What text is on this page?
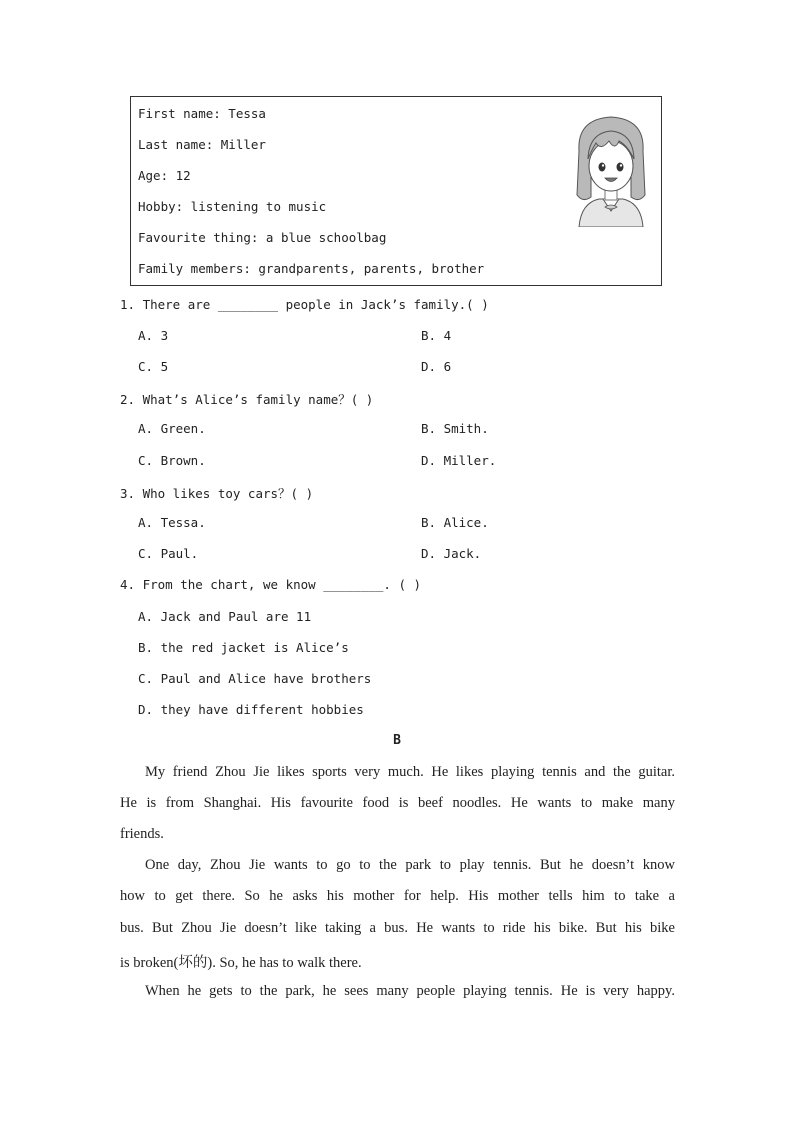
First name: Tessa
Last name: Miller
Age: 12
Hobby: listening to music
Favourite thing: a blue schoolbag
Family members: grandparents, parents, brother
1. There are ________ people in Jack’s family.( )
A. 3	B. 4
C. 5	D. 6
2. What’s Alice’s family name？( )
A. Green.	B. Smith.
C. Brown.	D. Miller.
3. Who likes toy cars？( )
A. Tessa.	B. Alice.
C. Paul.	D. Jack.
4. From the chart, we know ________. ( )
A. Jack and Paul are 11
B. the red jacket is Alice’s
C. Paul and Alice have brothers
D. they have different hobbies
B
My friend Zhou Jie likes sports very much. He likes playing tennis and the guitar.
He is from Shanghai. His favourite food is beef noodles. He wants to make many
friends.
One day, Zhou Jie wants to go to the park to play tennis. But he doesn’t know
how to get there. So he asks his mother for help. His mother tells him to take a
bus. But Zhou Jie doesn’t like taking a bus. He wants to ride his bike. But his bike
is broken(坏的). So, he has to walk there.
When he gets to the park, he sees many people playing tennis. He is very happy.
